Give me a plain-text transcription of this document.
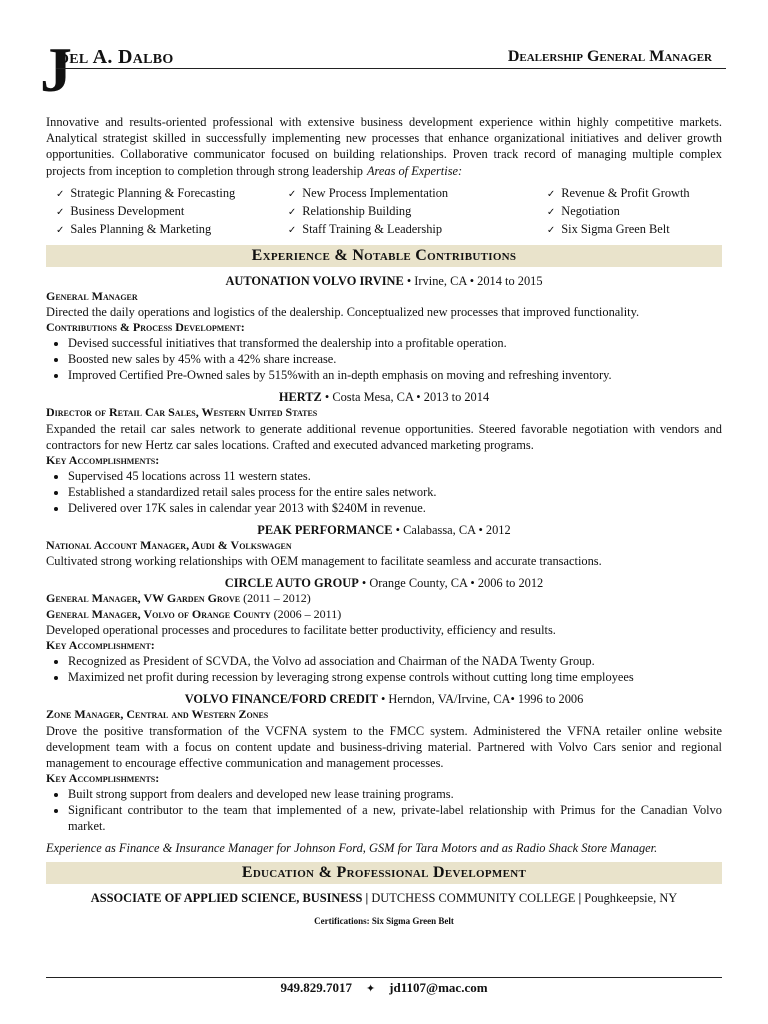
J
oel A. Dalbo	Dealership General Manager
Innovative and results-oriented professional with extensive business development experience within highly competitive markets. Analytical strategist skilled in successfully implementing new processes that enhance organizational initiatives and deliver growth opportunities. Collaborative communicator focused on building relationships. Proven track record of managing multiple complex projects from inception to completion through strong leadership Areas of Expertise:
✓ Strategic Planning & Forecasting
✓ Business Development
✓ Sales Planning & Marketing
✓ New Process Implementation
✓ Relationship Building
✓ Staff Training & Leadership
✓ Revenue & Profit Growth
✓ Negotiation
✓ Six Sigma Green Belt
Experience & Notable Contributions
AUTONATION VOLVO IRVINE • Irvine, CA • 2014 to 2015
General Manager
Directed the daily operations and logistics of the dealership. Conceptualized new processes that improved functionality.
Contributions & Process Development:
• Devised successful initiatives that transformed the dealership into a profitable operation.
• Boosted new sales by 45% with a 42% share increase.
• Improved Certified Pre-Owned sales by 515%with an in-depth emphasis on moving and refreshing inventory.
HERTZ • Costa Mesa, CA • 2013 to 2014
Director of Retail Car Sales, Western United States
Expanded the retail car sales network to generate additional revenue opportunities. Steered favorable negotiation with vendors and contractors for new Hertz car sales locations. Crafted and executed advanced marketing programs.
Key Accomplishments:
• Supervised 45 locations across 11 western states.
• Established a standardized retail sales process for the entire sales network.
• Delivered over 17K sales in calendar year 2013 with $240M in revenue.
PEAK PERFORMANCE • Calabassa, CA • 2012
National Account Manager, Audi & Volkswagen
Cultivated strong working relationships with OEM management to facilitate seamless and accurate transactions.
CIRCLE AUTO GROUP • Orange County, CA • 2006 to 2012
General Manager, VW Garden Grove (2011 – 2012)
General Manager, Volvo of Orange County (2006 – 2011)
Developed operational processes and procedures to facilitate better productivity, efficiency and results.
Key Accomplishment:
• Recognized as President of SCVDA, the Volvo ad association and Chairman of the NADA Twenty Group.
• Maximized net profit during recession by leveraging strong expense controls without cutting long time employees
VOLVO FINANCE/FORD CREDIT • Herndon, VA/Irvine, CA• 1996 to 2006
Zone Manager, Central and Western Zones
Drove the positive transformation of the VCFNA system to the FMCC system. Administered the VFNA retailer online website development team with a focus on content update and business-driving material. Partnered with Volvo Cars senior and regional management to encourage effective communication and management processes.
Key Accomplishments:
• Built strong support from dealers and developed new lease training programs.
• Significant contributor to the team that implemented of a new, private-label relationship with Primus for the Canadian Volvo market.
Experience as Finance & Insurance Manager for Johnson Ford, GSM for Tara Motors and as Radio Shack Store Manager.
Education & Professional Development
ASSOCIATE OF APPLIED SCIENCE, BUSINESS | DUTCHESS COMMUNITY COLLEGE | Poughkeepsie, NY
Certifications: Six Sigma Green Belt
949.829.7017 ✦ jd1107@mac.com
